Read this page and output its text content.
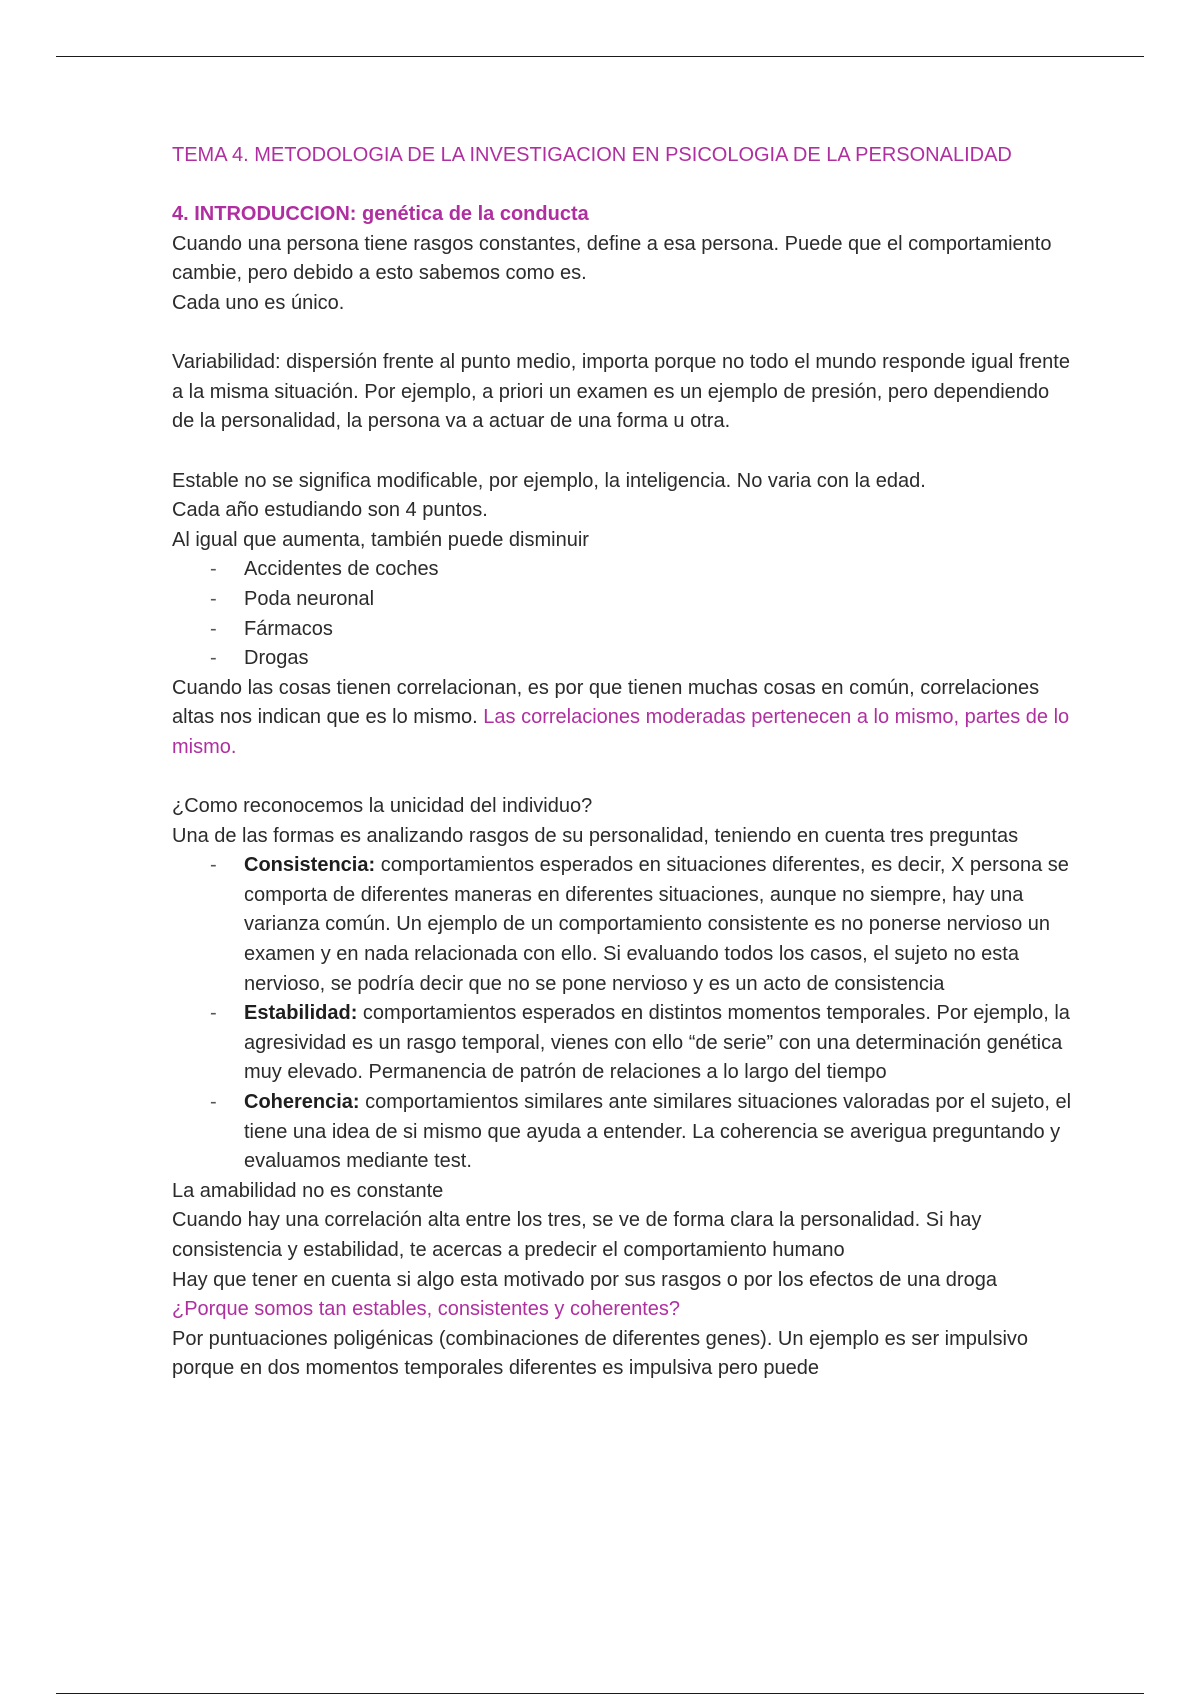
TEMA 4. METODOLOGIA DE LA INVESTIGACION EN PSICOLOGIA DE LA PERSONALIDAD

4. INTRODUCCION: genética de la conducta

Cuando una persona tiene rasgos constantes, define a esa persona. Puede que el comportamiento cambie, pero debido a esto sabemos como es.

Cada uno es único.

Variabilidad: dispersión frente al punto medio, importa porque no todo el mundo responde igual frente a la misma situación. Por ejemplo, a priori un examen es un ejemplo de presión, pero dependiendo de la personalidad, la persona va a actuar de una forma u otra.

Estable no se significa modificable, por ejemplo, la inteligencia. No varia con la edad.

Cada año estudiando son 4 puntos.

Al igual que aumenta, también puede disminuir

- Accidentes de coches
- Poda neuronal
- Fármacos
- Drogas

Cuando las cosas tienen correlacionan, es por que tienen muchas cosas en común, correlaciones altas nos indican que es lo mismo. Las correlaciones moderadas pertenecen a lo mismo, partes de lo mismo.

¿Como reconocemos la unicidad del individuo?

Una de las formas es analizando rasgos de su personalidad, teniendo en cuenta tres preguntas

- Consistencia: comportamientos esperados en situaciones diferentes, es decir, X persona se comporta de diferentes maneras en diferentes situaciones, aunque no siempre, hay una varianza común. Un ejemplo de un comportamiento consistente es no ponerse nervioso un examen y en nada relacionada con ello. Si evaluando todos los casos, el sujeto no esta nervioso, se podría decir que no se pone nervioso y es un acto de consistencia
- Estabilidad: comportamientos esperados en distintos momentos temporales. Por ejemplo, la agresividad es un rasgo temporal, vienes con ello “de serie” con una determinación genética muy elevado. Permanencia de patrón de relaciones a lo largo del tiempo
- Coherencia: comportamientos similares ante similares situaciones valoradas por el sujeto, el tiene una idea de si mismo que ayuda a entender. La coherencia se averigua preguntando y evaluamos mediante test.

La amabilidad no es constante

Cuando hay una correlación alta entre los tres, se ve de forma clara la personalidad. Si hay consistencia y estabilidad, te acercas a predecir el comportamiento humano

Hay que tener en cuenta si algo esta motivado por sus rasgos o por los efectos de una droga

¿Porque somos tan estables, consistentes y coherentes?

Por puntuaciones poligénicas (combinaciones de diferentes genes). Un ejemplo es ser impulsivo porque en dos momentos temporales diferentes es impulsiva pero puede
